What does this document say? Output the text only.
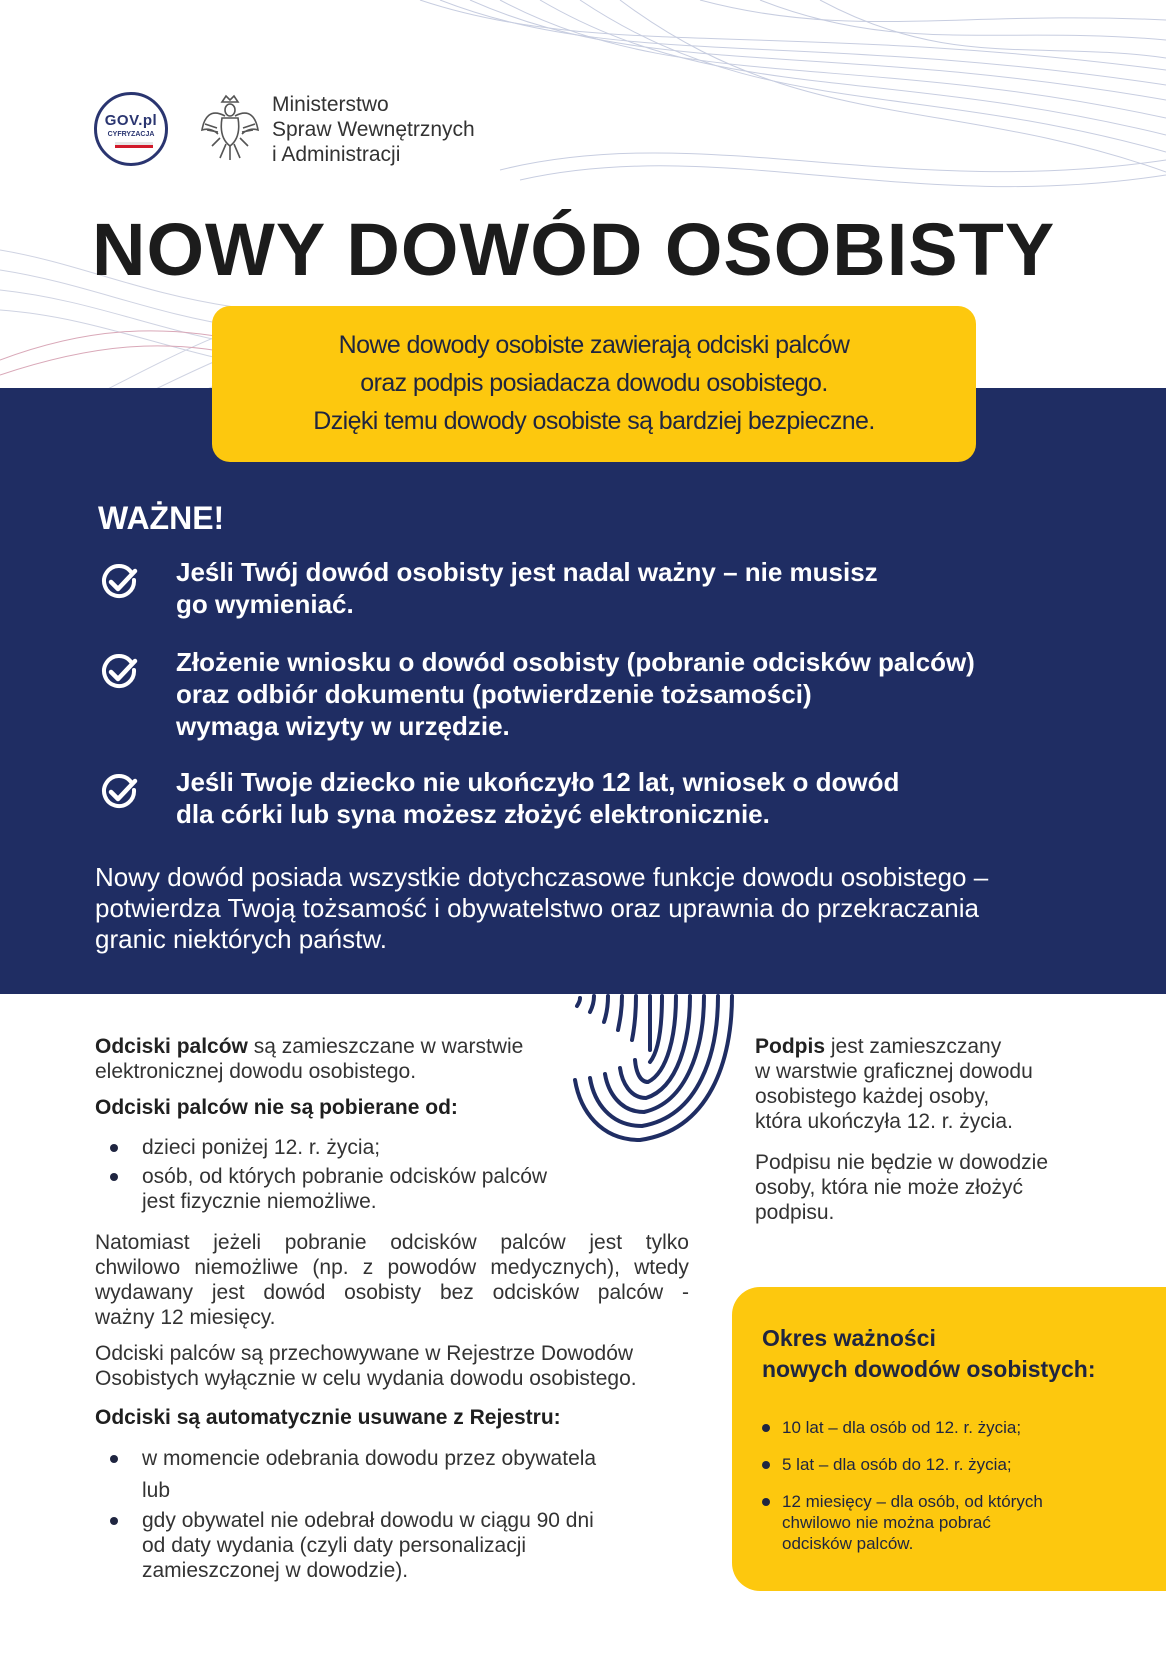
GOV.pl
CYFRYZACJA
Ministerstwo
Spraw Wewnętrznych
i Administracji
NOWY DOWÓD OSOBISTY
Nowe dowody osobiste zawierają odciski palców
oraz podpis posiadacza dowodu osobistego.
Dzięki temu dowody osobiste są bardziej bezpieczne.
WAŻNE!
Jeśli Twój dowód osobisty jest nadal ważny – nie musisz
go wymieniać.
Złożenie wniosku o dowód osobisty (pobranie odcisków palców)
oraz odbiór dokumentu (potwierdzenie tożsamości)
wymaga wizyty w urzędzie.
Jeśli Twoje dziecko nie ukończyło 12 lat, wniosek o dowód
dla córki lub syna możesz złożyć elektronicznie.
Nowy dowód posiada wszystkie dotychczasowe funkcje dowodu osobistego –
potwierdza Twoją tożsamość i obywatelstwo oraz uprawnia do przekraczania
granic niektórych państw.
Odciski palców są zamieszczane w warstwie
elektronicznej dowodu osobistego.
Odciski palców nie są pobierane od:
dzieci poniżej 12. r. życia;
osób, od których pobranie odcisków palców
jest fizycznie niemożliwe.
Natomiast jeżeli pobranie odcisków palców jest tylko
chwilowo niemożliwe (np. z powodów medycznych), wtedy
wydawany jest dowód osobisty bez odcisków palców -
ważny 12 miesięcy.
Odciski palców są przechowywane w Rejestrze Dowodów
Osobistych wyłącznie w celu wydania dowodu osobistego.
Odciski są automatycznie usuwane z Rejestru:
w momencie odebrania dowodu przez obywatela
lub
gdy obywatel nie odebrał dowodu w ciągu 90 dni
od daty wydania (czyli daty personalizacji
zamieszczonej w dowodzie).
Podpis jest zamieszczany
w warstwie graficznej dowodu
osobistego każdej osoby,
która ukończyła 12. r. życia.
Podpisu nie będzie w dowodzie
osoby, która nie może złożyć
podpisu.
Okres ważności
nowych dowodów osobistych:
10 lat – dla osób od 12. r. życia;
5 lat – dla osób do 12. r. życia;
12 miesięcy – dla osób, od których
chwilowo nie można pobrać
odcisków palców.
